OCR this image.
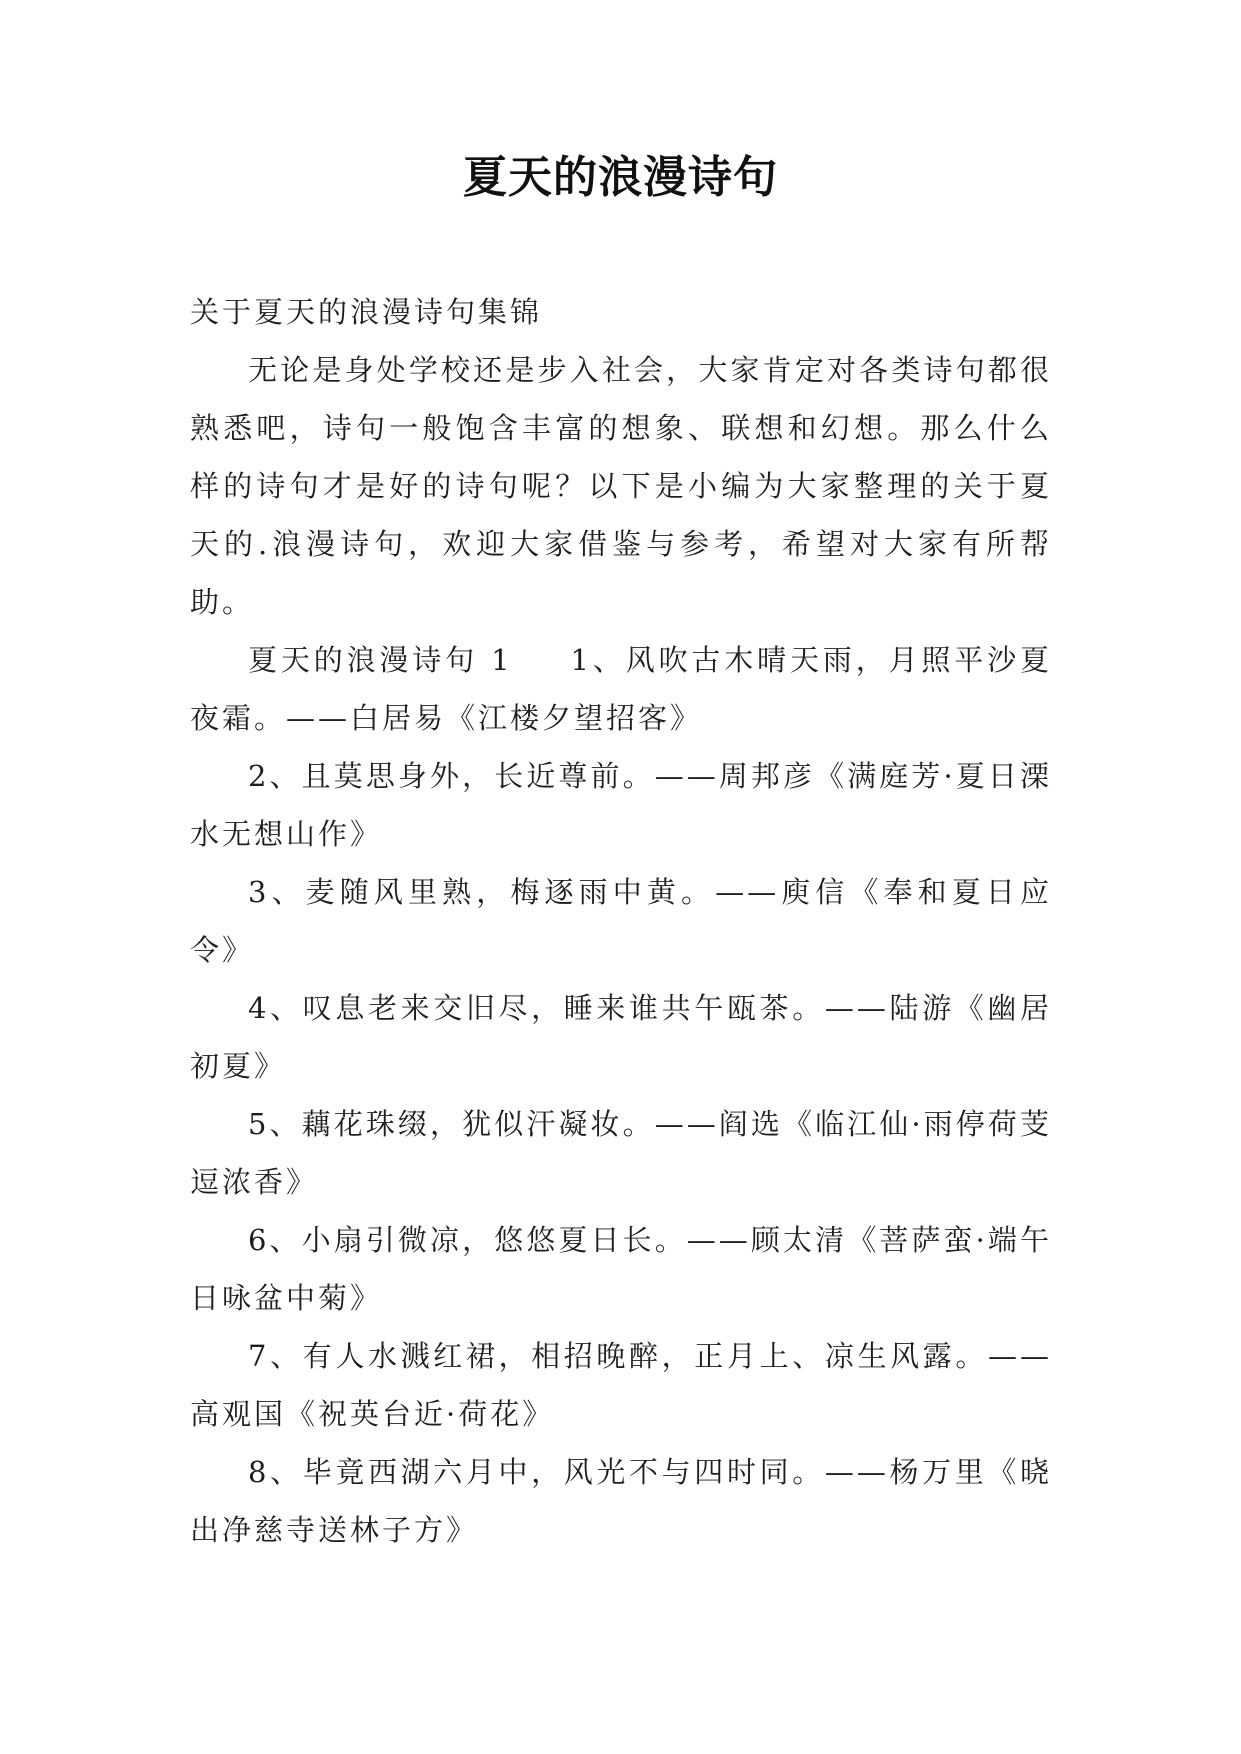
夏天的浪漫诗句

关于夏天的浪漫诗句集锦

无论是身处学校还是步入社会，大家肯定对各类诗句都很熟悉吧，诗句一般饱含丰富的想象、联想和幻想。那么什么样的诗句才是好的诗句呢？以下是小编为大家整理的关于夏天的.浪漫诗句，欢迎大家借鉴与参考，希望对大家有所帮助。

夏天的浪漫诗句 1 1、风吹古木晴天雨，月照平沙夏夜霜。——白居易《江楼夕望招客》

2、且莫思身外，长近尊前。——周邦彦《满庭芳·夏日溧水无想山作》

3、麦随风里熟，梅逐雨中黄。——庾信《奉和夏日应令》

4、叹息老来交旧尽，睡来谁共午瓯茶。——陆游《幽居初夏》

5、藕花珠缀，犹似汗凝妆。——阎选《临江仙·雨停荷芰逗浓香》

6、小扇引微凉，悠悠夏日长。——顾太清《菩萨蛮·端午日咏盆中菊》

7、有人水溅红裙，相招晚醉，正月上、凉生风露。——高观国《祝英台近·荷花》

8、毕竟西湖六月中，风光不与四时同。——杨万里《晓出净慈寺送林子方》
